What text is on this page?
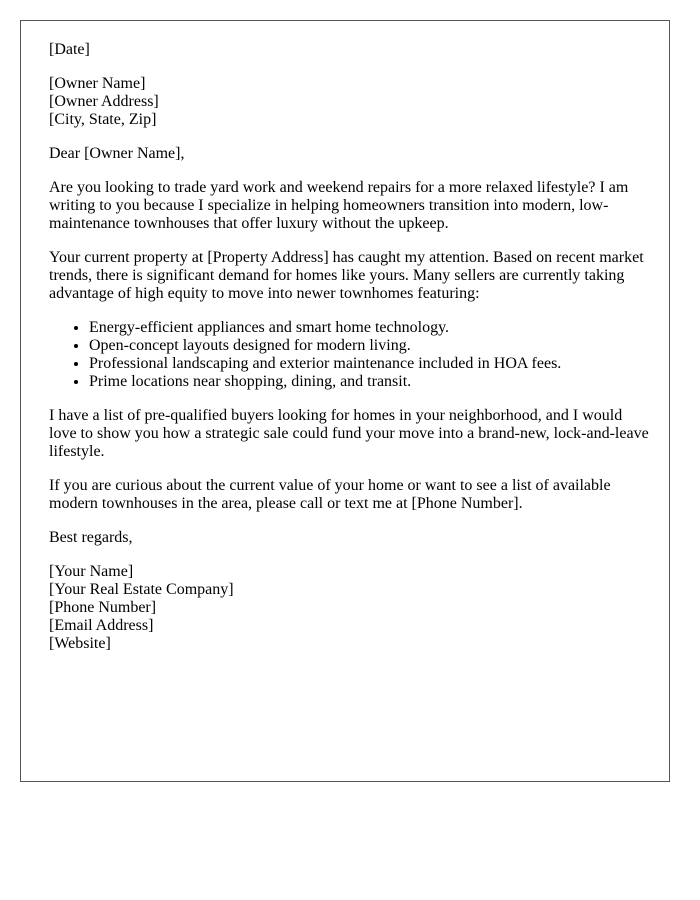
[Date]

[Owner Name]
[Owner Address]
[City, State, Zip]

Dear [Owner Name],

Are you looking to trade yard work and weekend repairs for a more relaxed lifestyle? I am writing to you because I specialize in helping homeowners transition into modern, low-maintenance townhouses that offer luxury without the upkeep.

Your current property at [Property Address] has caught my attention. Based on recent market trends, there is significant demand for homes like yours. Many sellers are currently taking advantage of high equity to move into newer townhomes featuring:

• Energy-efficient appliances and smart home technology.
• Open-concept layouts designed for modern living.
• Professional landscaping and exterior maintenance included in HOA fees.
• Prime locations near shopping, dining, and transit.

I have a list of pre-qualified buyers looking for homes in your neighborhood, and I would love to show you how a strategic sale could fund your move into a brand-new, lock-and-leave lifestyle.

If you are curious about the current value of your home or want to see a list of available modern townhouses in the area, please call or text me at [Phone Number].

Best regards,

[Your Name]
[Your Real Estate Company]
[Phone Number]
[Email Address]
[Website]
